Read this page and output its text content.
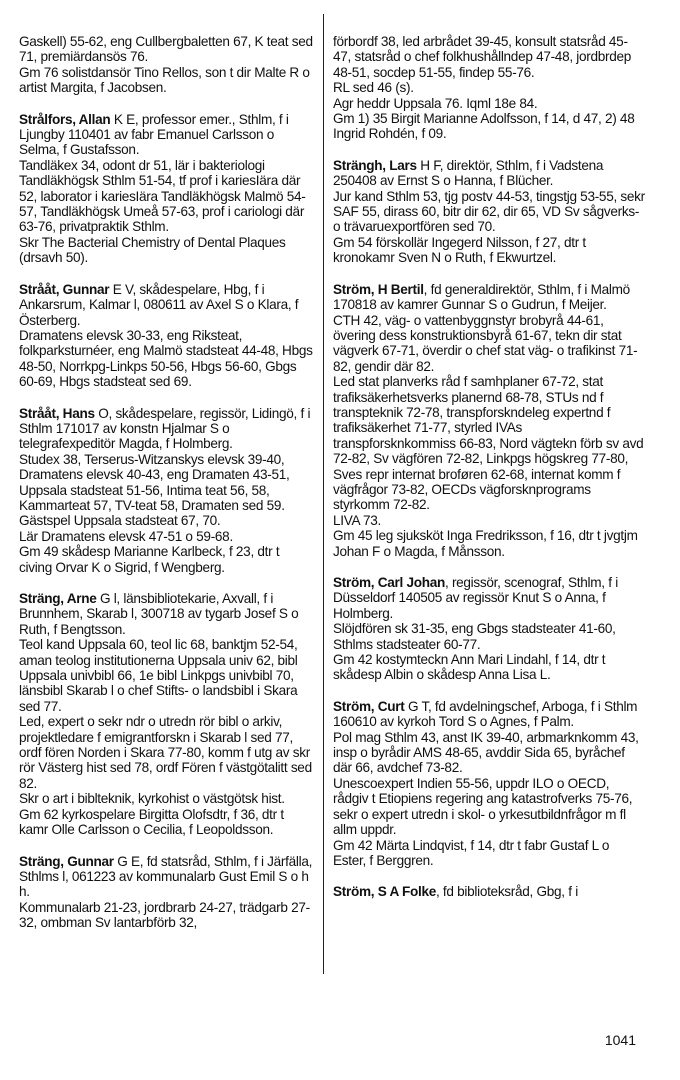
Gaskell) 55-62, eng Cullbergbaletten 67, K teat sed 71, premiärdansös 76.

Gm 76 solistdansör Tino Rellos, son t dir Malte R o artist Margita, f Jacobsen.

Strålfors, Allan K E, professor emer., Sthlm, f i Ljungby 110401 av fabr Emanuel Carlsson o Selma, f Gustafsson.

Tandläkex 34, odont dr 51, lär i bakteriologi Tandläkhögsk Sthlm 51-54, tf prof i kariesIära där 52, laborator i kariesIära Tandläkhögsk Malmö 54-57, Tandläkhögsk Umeå 57-63, prof i cariologi där 63-76, privatpraktik Sthlm.

Skr The Bacterial Chemistry of Dental Plaques (drsavh 50).

Strååt, Gunnar E V, skådespelare, Hbg, f i Ankarsrum, Kalmar l, 080611 av Axel S o Klara, f Österberg.

Dramatens elevsk 30-33, eng Riksteat, folkparksturnéer, eng Malmö stadsteat 44-48, Hbgs 48-50, Norrkpg-Linkps 50-56, Hbgs 56-60, Gbgs 60-69, Hbgs stadsteat sed 69.

Strååt, Hans O, skådespelare, regissör, Lidingö, f i Sthlm 171017 av konstn Hjalmar S o telegrafexpeditör Magda, f Holmberg.

Studex 38, Terserus-Witzanskys elevsk 39-40, Dramatens elevsk 40-43, eng Dramaten 43-51, Uppsala stadsteat 51-56, Intima teat 56, 58, Kammarteat 57, TV-teat 58, Dramaten sed 59.

Gästspel Uppsala stadsteat 67, 70.

Lär Dramatens elevsk 47-51 o 59-68.

Gm 49 skådesp Marianne Karlbeck, f 23, dtr t civing Orvar K o Sigrid, f Wengberg.

Sträng, Arne G l, länsbibliotekarie, Axvall, f i Brunnhem, Skarab l, 300718 av tygarb Josef S o Ruth, f Bengtsson.

Teol kand Uppsala 60, teol lic 68, banktjm 52-54, aman teolog institutionerna Uppsala univ 62, bibl Uppsala univbibl 66, 1e bibl Linkpgs univbibl 70, länsbibl Skarab l o chef Stifts- o landsbibl i Skara sed 77.

Led, expert o sekr ndr o utredn rör bibl o arkiv, projektledare f emigrantforskn i Skarab l sed 77, ordf fören Norden i Skara 77-80, komm f utg av skr rör Västerg hist sed 78, ordf Fören f västgötalitt sed 82.

Skr o art i biblteknik, kyrkohist o västgötsk hist.

Gm 62 kyrkospelare Birgitta Olofsdtr, f 36, dtr t kamr Olle Carlsson o Cecilia, f Leopoldsson.

Sträng, Gunnar G E, fd statsråd, Sthlm, f i Järfälla, Sthlms l, 061223 av kommunalarb Gust Emil S o h h.

Kommunalarb 21-23, jordbrarb 24-27, trädgarb 27-32, ombman Sv lantarbförb 32,

förbordf 38, led arbrådet 39-45, konsult statsråd 45-47, statsråd o chef folkhushållndep 47-48, jordbrdep 48-51, socdep 51-55, findep 55-76.

RL sed 46 (s).

Agr heddr Uppsala 76. Iqml 18e 84.

Gm 1) 35 Birgit Marianne Adolfsson, f 14, d 47, 2) 48 Ingrid Rohdén, f 09.

Strängh, Lars H F, direktör, Sthlm, f i Vadstena 250408 av Ernst S o Hanna, f Blücher.

Jur kand Sthlm 53, tjg postv 44-53, tingstjg 53-55, sekr SAF 55, dirass 60, bitr dir 62, dir 65, VD Sv sågverks-o trävaruexportfören sed 70.

Gm 54 förskollär Ingegerd Nilsson, f 27, dtr t kronokamr Sven N o Ruth, f Ekwurtzel.

Ström, H Bertil, fd generaldirektör, Sthlm, f i Malmö 170818 av kamrer Gunnar S o Gudrun, f Meijer.

CTH 42, väg- o vattenbyggnstyr brobyrå 44-61, övering dess konstruktionsbyrå 61-67, tekn dir stat vägverk 67-71, överdir o chef stat väg- o trafikinst 71-82, gendir där 82.

Led stat planverks råd f samhplaner 67-72, stat trafiksäkerhetsverks planernd 68-78, STUs nd f transpteknik 72-78, transpforskndeleg expertnd f trafiksäkerhet 71-77, styrled IVAs transpforsknkommiss 66-83, Nord vägtekn förb sv avd 72-82, Sv vägfören 72-82, Linkpgs högskreg 77-80, Sves repr internat broføren 62-68, internat komm f vägfrågor 73-82, OECDs vägforsknprograms styrkomm 72-82.

LIVA 73.

Gm 45 leg sjuksköt Inga Fredriksson, f 16, dtr t jvgtjm Johan F o Magda, f Månsson.

Ström, Carl Johan, regissör, scenograf, Sthlm, f i Düsseldorf 140505 av regissör Knut S o Anna, f Holmberg.

Slöjdfören sk 31-35, eng Gbgs stadsteater 41-60, Sthlms stadsteater 60-77.

Gm 42 kostymteckn Ann Mari Lindahl, f 14, dtr t skådesp Albin o skådesp Anna Lisa L.

Ström, Curt G T, fd avdelningschef, Arboga, f i Sthlm 160610 av kyrkoh Tord S o Agnes, f Palm.

Pol mag Sthlm 43, anst IK 39-40, arbmarknkomm 43, insp o byrådir AMS 48-65, avddir Sida 65, byråchef där 66, avdchef 73-82.

Unescoexpert Indien 55-56, uppdr ILO o OECD, rådgiv t Etiopiens regering ang katastrofverks 75-76, sekr o expert utredn i skol- o yrkesutbildnfrågor m fl allm uppdr.

Gm 42 Märta Lindqvist, f 14, dtr t fabr Gustaf L o Ester, f Berggren.

Ström, S A Folke, fd biblioteksråd, Gbg, f i

1041
